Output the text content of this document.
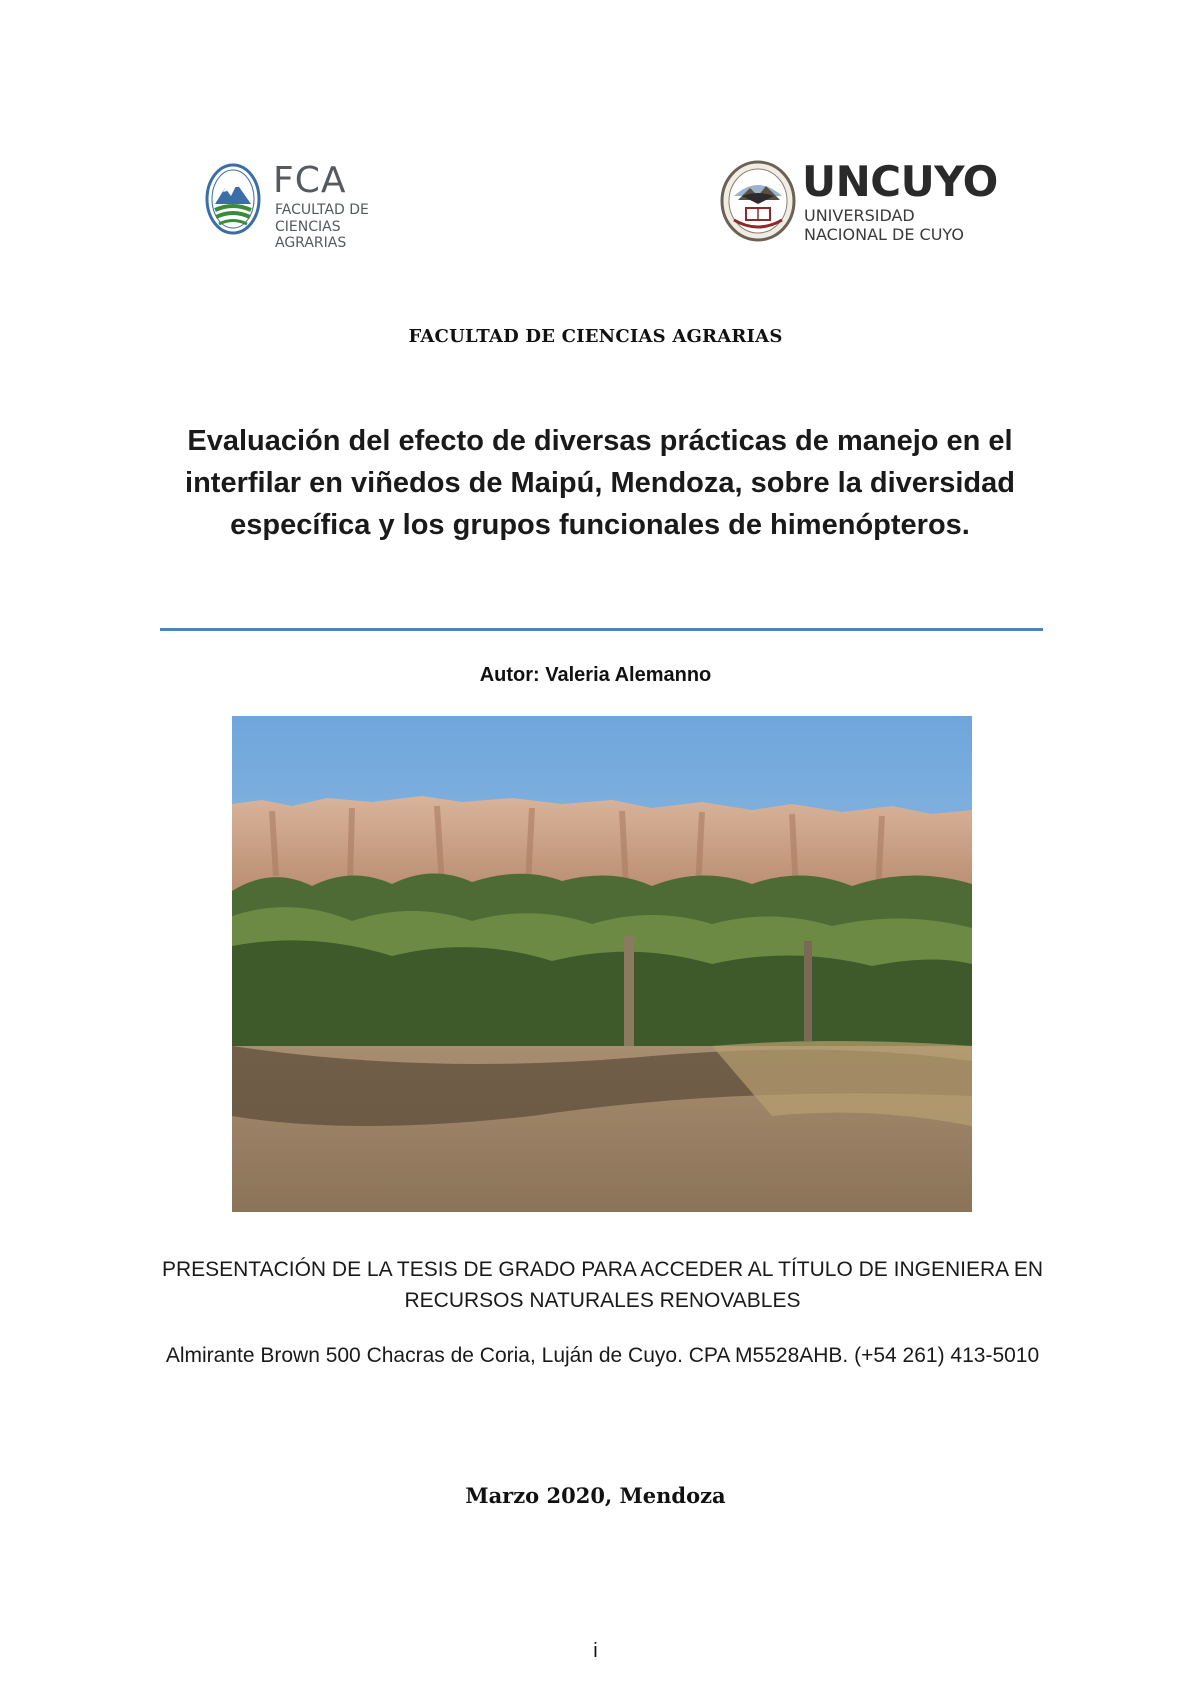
FCA
FACULTAD DE
CIENCIAS AGRARIAS
UNCUYO
UNIVERSIDAD
NACIONAL DE CUYO
FACULTAD DE CIENCIAS AGRARIAS
Evaluación del efecto de diversas prácticas de manejo en el interfilar en viñedos de Maipú, Mendoza, sobre la diversidad específica y los grupos funcionales de himenópteros.
Autor: Valeria Alemanno
PRESENTACIÓN DE LA TESIS DE GRADO PARA ACCEDER AL TÍTULO DE INGENIERA EN RECURSOS NATURALES RENOVABLES
Almirante Brown 500 Chacras de Coria, Luján de Cuyo. CPA M5528AHB. (+54 261) 413-5010
Marzo 2020, Mendoza
i
